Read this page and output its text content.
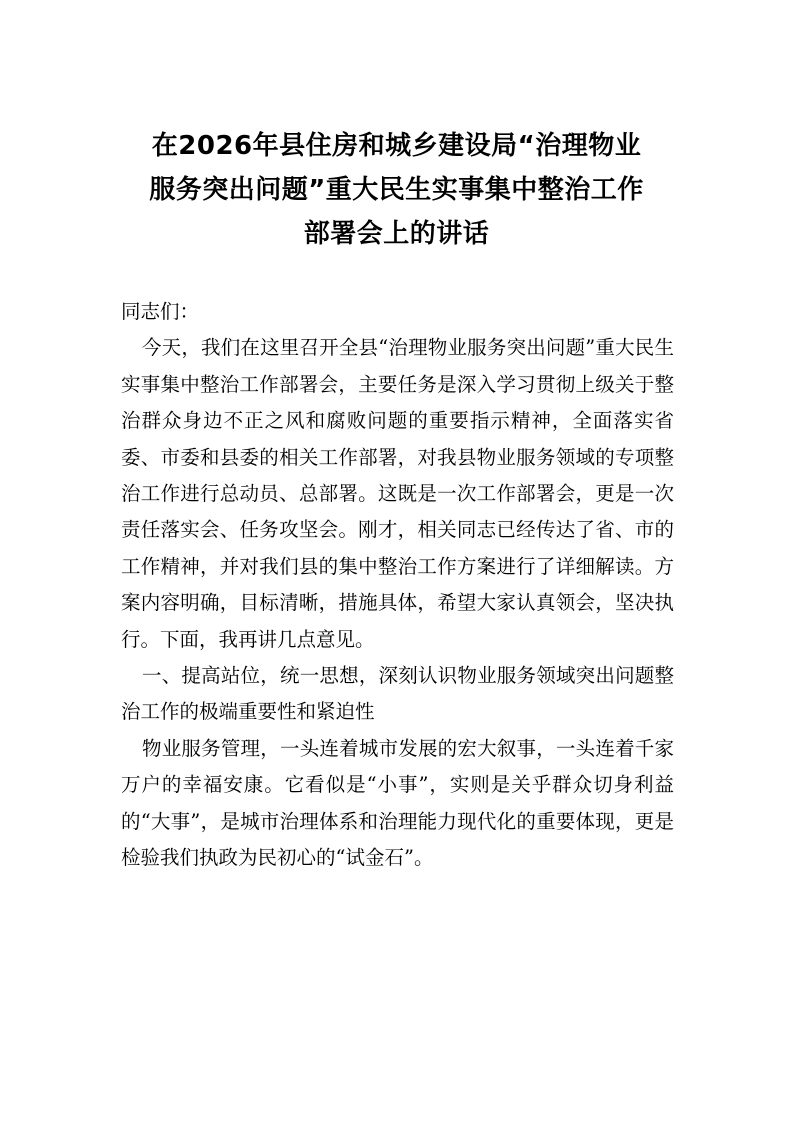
在2026年县住房和城乡建设局“治理物业
服务突出问题”重大民生实事集中整治工作
部署会上的讲话

同志们：

今天，我们在这里召开全县“治理物业服务突出问题”重大民生实事集中整治工作部署会，主要任务是深入学习贯彻上级关于整治群众身边不正之风和腐败问题的重要指示精神，全面落实省委、市委和县委的相关工作部署，对我县物业服务领域的专项整治工作进行总动员、总部署。这既是一次工作部署会，更是一次责任落实会、任务攻坚会。刚才，相关同志已经传达了省、市的工作精神，并对我们县的集中整治工作方案进行了详细解读。方案内容明确，目标清晰，措施具体，希望大家认真领会，坚决执行。下面，我再讲几点意见。

一、提高站位，统一思想，深刻认识物业服务领域突出问题整治工作的极端重要性和紧迫性

物业服务管理，一头连着城市发展的宏大叙事，一头连着千家万户的幸福安康。它看似是“小事”，实则是关乎群众切身利益的“大事”，是城市治理体系和治理能力现代化的重要体现，更是检验我们执政为民初心的“试金石”。
